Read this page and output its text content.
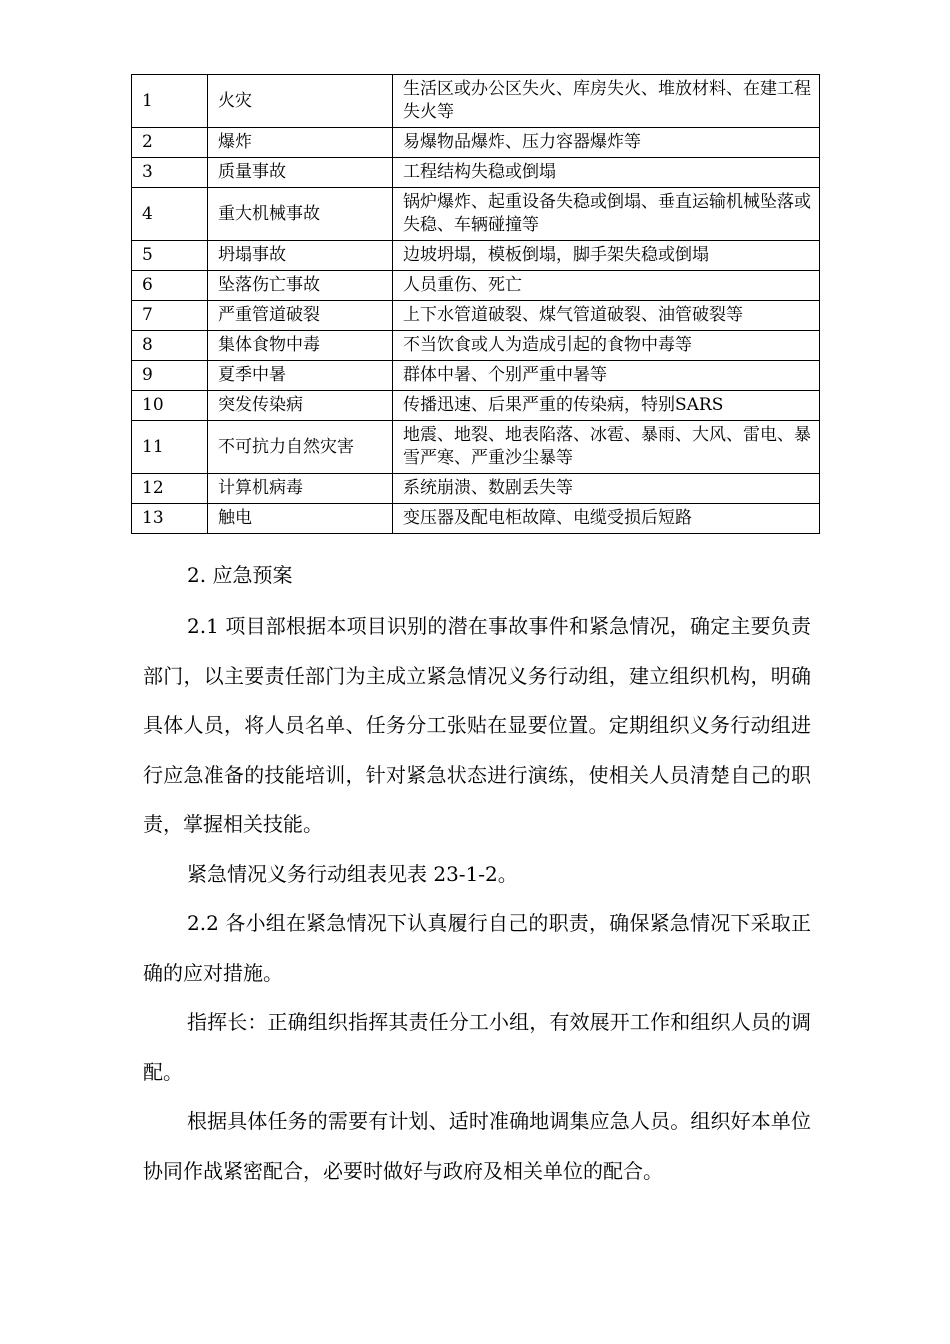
1	火灾	生活区或办公区失火、库房失火、堆放材料、在建工程失火等
2	爆炸	易爆物品爆炸、压力容器爆炸等
3	质量事故	工程结构失稳或倒塌
4	重大机械事故	锅炉爆炸、起重设备失稳或倒塌、垂直运输机械坠落或失稳、车辆碰撞等
5	坍塌事故	边坡坍塌，模板倒塌，脚手架失稳或倒塌
6	坠落伤亡事故	人员重伤、死亡
7	严重管道破裂	上下水管道破裂、煤气管道破裂、油管破裂等
8	集体食物中毒	不当饮食或人为造成引起的食物中毒等
9	夏季中暑	群体中暑、个别严重中暑等
10	突发传染病	传播迅速、后果严重的传染病，特别SARS
11	不可抗力自然灾害	地震、地裂、地表陷落、冰雹、暴雨、大风、雷电、暴雪严寒、严重沙尘暴等
12	计算机病毒	系统崩溃、数剧丢失等
13	触电	变压器及配电柜故障、电缆受损后短路

2. 应急预案

2.1 项目部根据本项目识别的潜在事故事件和紧急情况，确定主要负责部门，以主要责任部门为主成立紧急情况义务行动组，建立组织机构，明确具体人员，将人员名单、任务分工张贴在显要位置。定期组织义务行动组进行应急准备的技能培训，针对紧急状态进行演练，使相关人员清楚自己的职责，掌握相关技能。

紧急情况义务行动组表见表 23-1-2。

2.2 各小组在紧急情况下认真履行自己的职责，确保紧急情况下采取正确的应对措施。

指挥长：正确组织指挥其责任分工小组，有效展开工作和组织人员的调配。

根据具体任务的需要有计划、适时准确地调集应急人员。组织好本单位协同作战紧密配合，必要时做好与政府及相关单位的配合。
